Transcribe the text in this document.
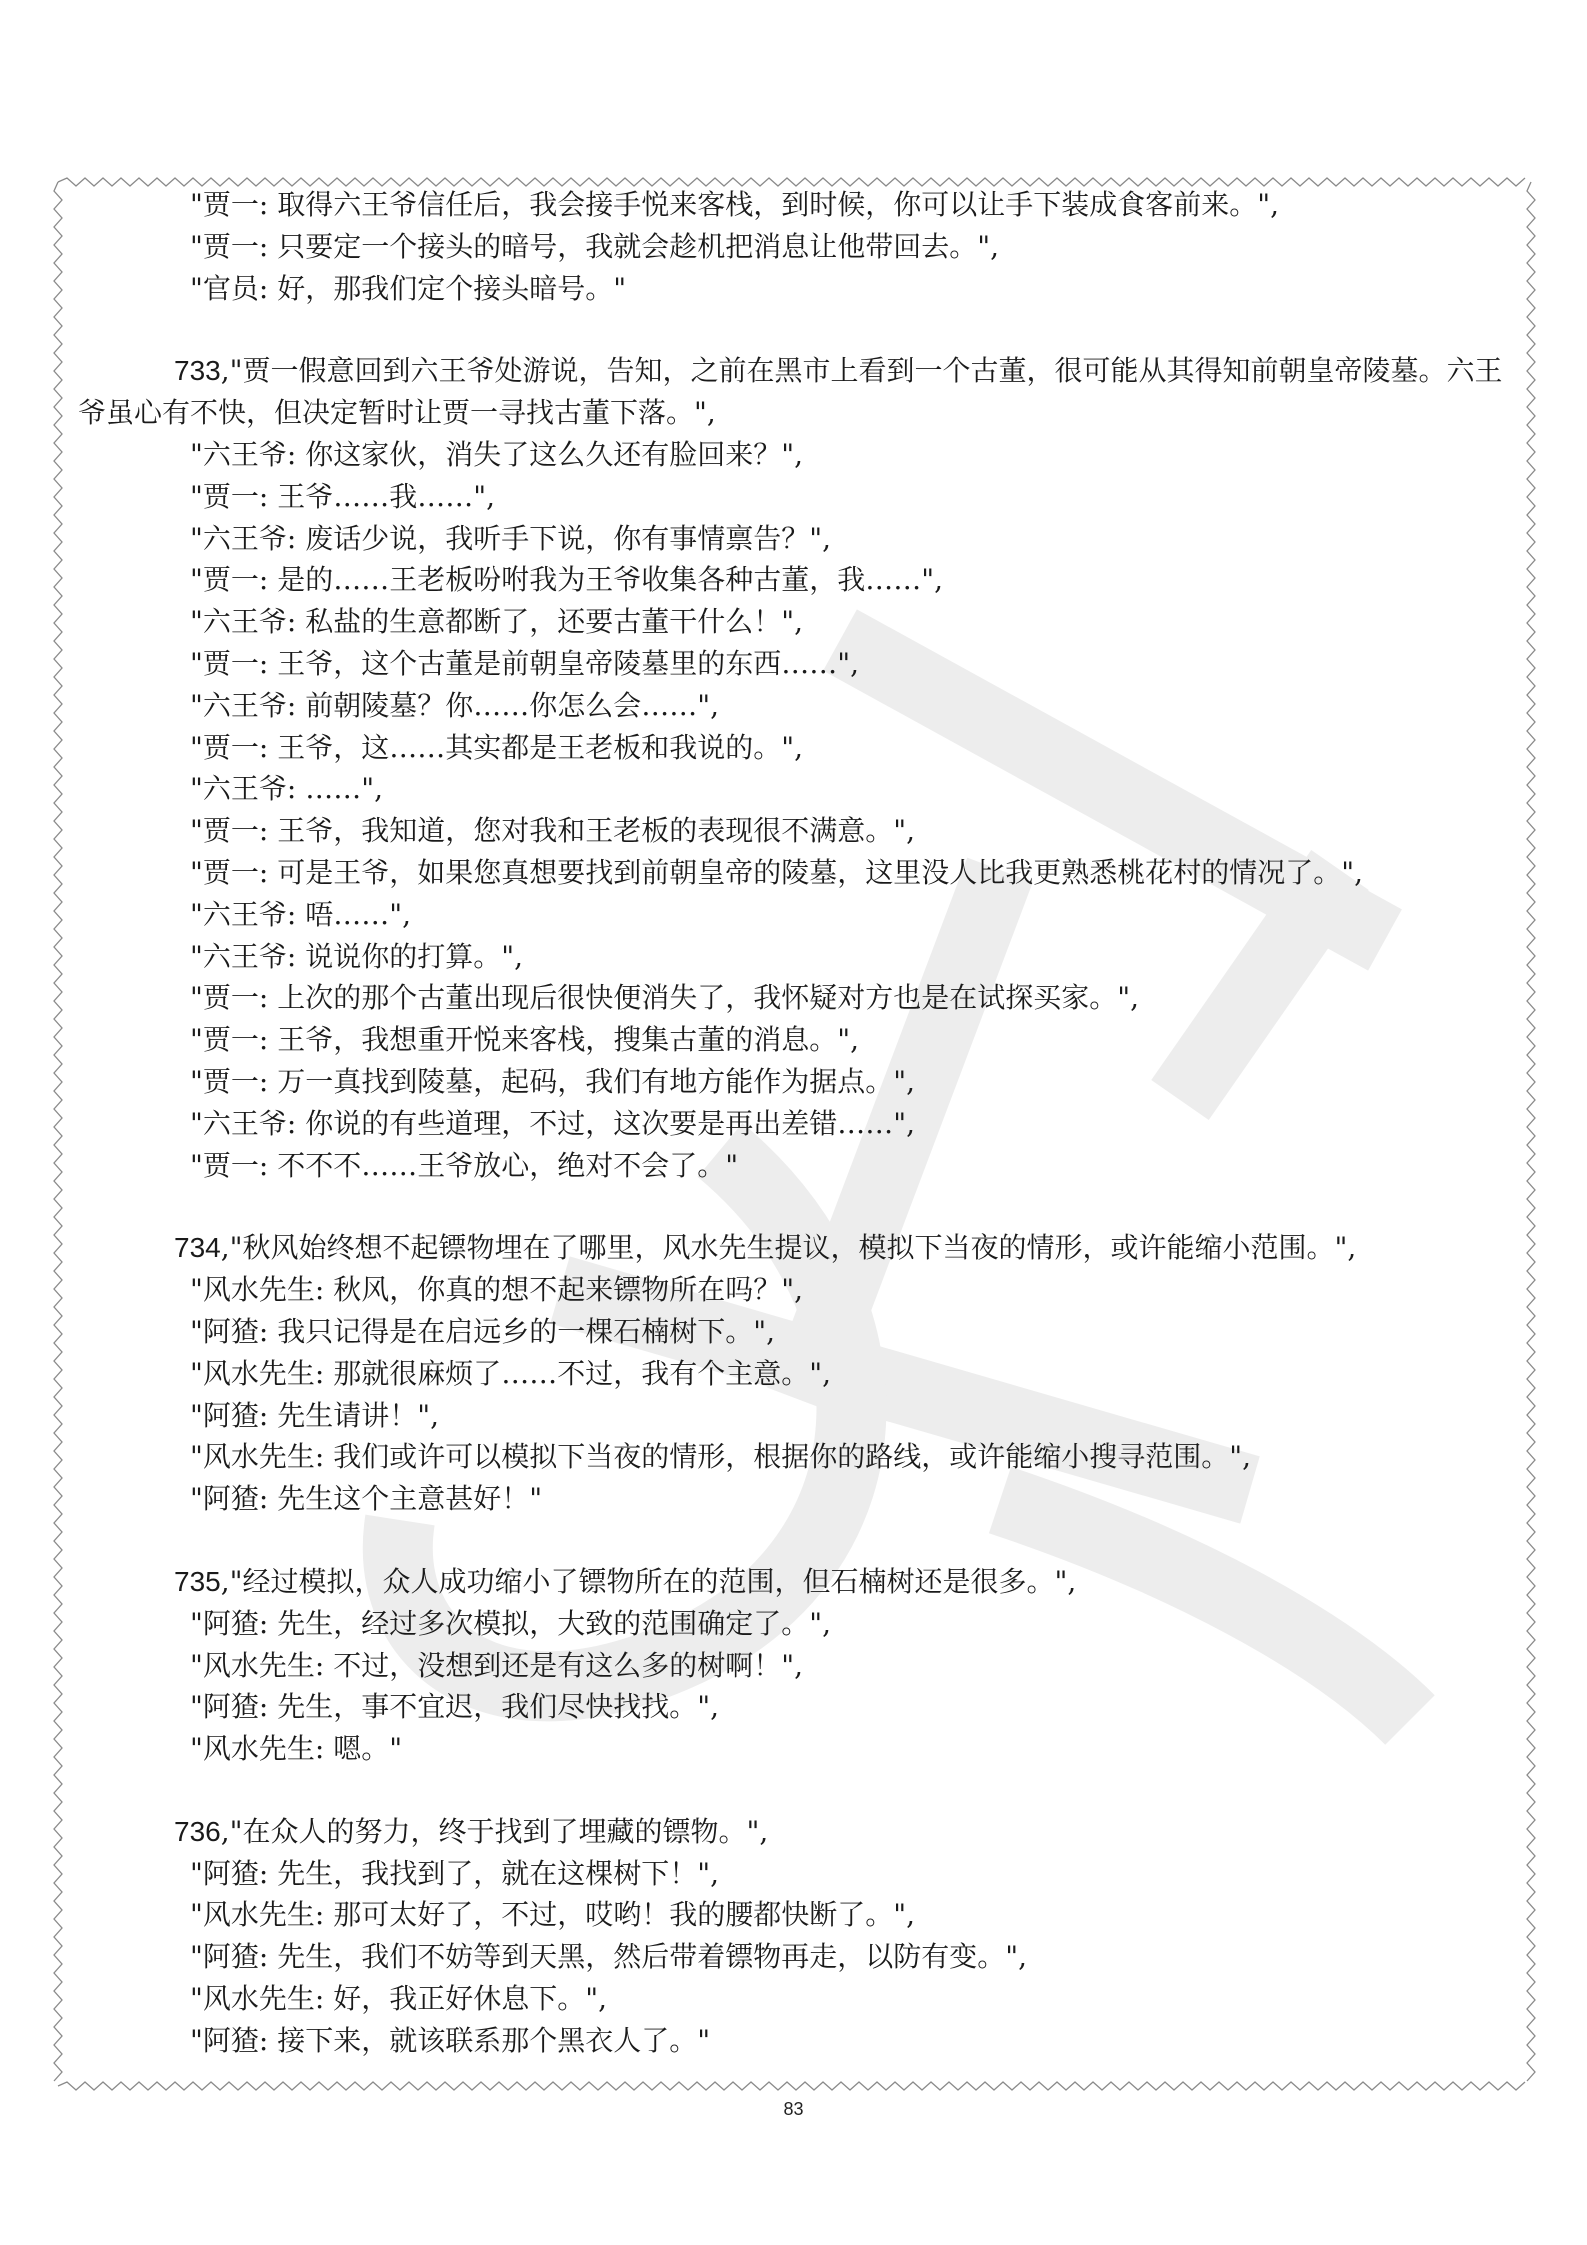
"贾一: 取得六王爷信任后，我会接手悦来客栈，到时候，你可以让手下装成食客前来。",
"贾一: 只要定一个接头的暗号，我就会趁机把消息让他带回去。",
"官员: 好，那我们定个接头暗号。"
733,"贾一假意回到六王爷处游说，告知，之前在黑市上看到一个古董，很可能从其得知前朝皇帝陵墓。六王爷虽心有不快，但决定暂时让贾一寻找古董下落。",
"六王爷: 你这家伙，消失了这么久还有脸回来？",
"贾一: 王爷……我……",
"六王爷: 废话少说，我听手下说，你有事情禀告？",
"贾一: 是的……王老板吩咐我为王爷收集各种古董，我……",
"六王爷: 私盐的生意都断了，还要古董干什么！",
"贾一: 王爷，这个古董是前朝皇帝陵墓里的东西……",
"六王爷: 前朝陵墓？你……你怎么会……",
"贾一: 王爷，这……其实都是王老板和我说的。",
"六王爷: ……",
"贾一: 王爷，我知道，您对我和王老板的表现很不满意。",
"贾一: 可是王爷，如果您真想要找到前朝皇帝的陵墓，这里没人比我更熟悉桃花村的情况了。",
"六王爷: 唔……",
"六王爷: 说说你的打算。",
"贾一: 上次的那个古董出现后很快便消失了，我怀疑对方也是在试探买家。",
"贾一: 王爷，我想重开悦来客栈，搜集古董的消息。",
"贾一: 万一真找到陵墓，起码，我们有地方能作为据点。",
"六王爷: 你说的有些道理，不过，这次要是再出差错……",
"贾一: 不不不……王爷放心，绝对不会了。"
734,"秋风始终想不起镖物埋在了哪里，风水先生提议，模拟下当夜的情形，或许能缩小范围。",
"风水先生: 秋风，你真的想不起来镖物所在吗？",
"阿猹: 我只记得是在启远乡的一棵石楠树下。",
"风水先生: 那就很麻烦了……不过，我有个主意。",
"阿猹: 先生请讲！",
"风水先生: 我们或许可以模拟下当夜的情形，根据你的路线，或许能缩小搜寻范围。",
"阿猹: 先生这个主意甚好！"
735,"经过模拟，众人成功缩小了镖物所在的范围，但石楠树还是很多。",
"阿猹: 先生，经过多次模拟，大致的范围确定了。",
"风水先生: 不过，没想到还是有这么多的树啊！",
"阿猹: 先生，事不宜迟，我们尽快找找。",
"风水先生: 嗯。"
736,"在众人的努力，终于找到了埋藏的镖物。",
"阿猹: 先生，我找到了，就在这棵树下！",
"风水先生: 那可太好了，不过，哎哟！我的腰都快断了。",
"阿猹: 先生，我们不妨等到天黑，然后带着镖物再走，以防有变。",
"风水先生: 好，我正好休息下。",
"阿猹: 接下来，就该联系那个黑衣人了。"
83
